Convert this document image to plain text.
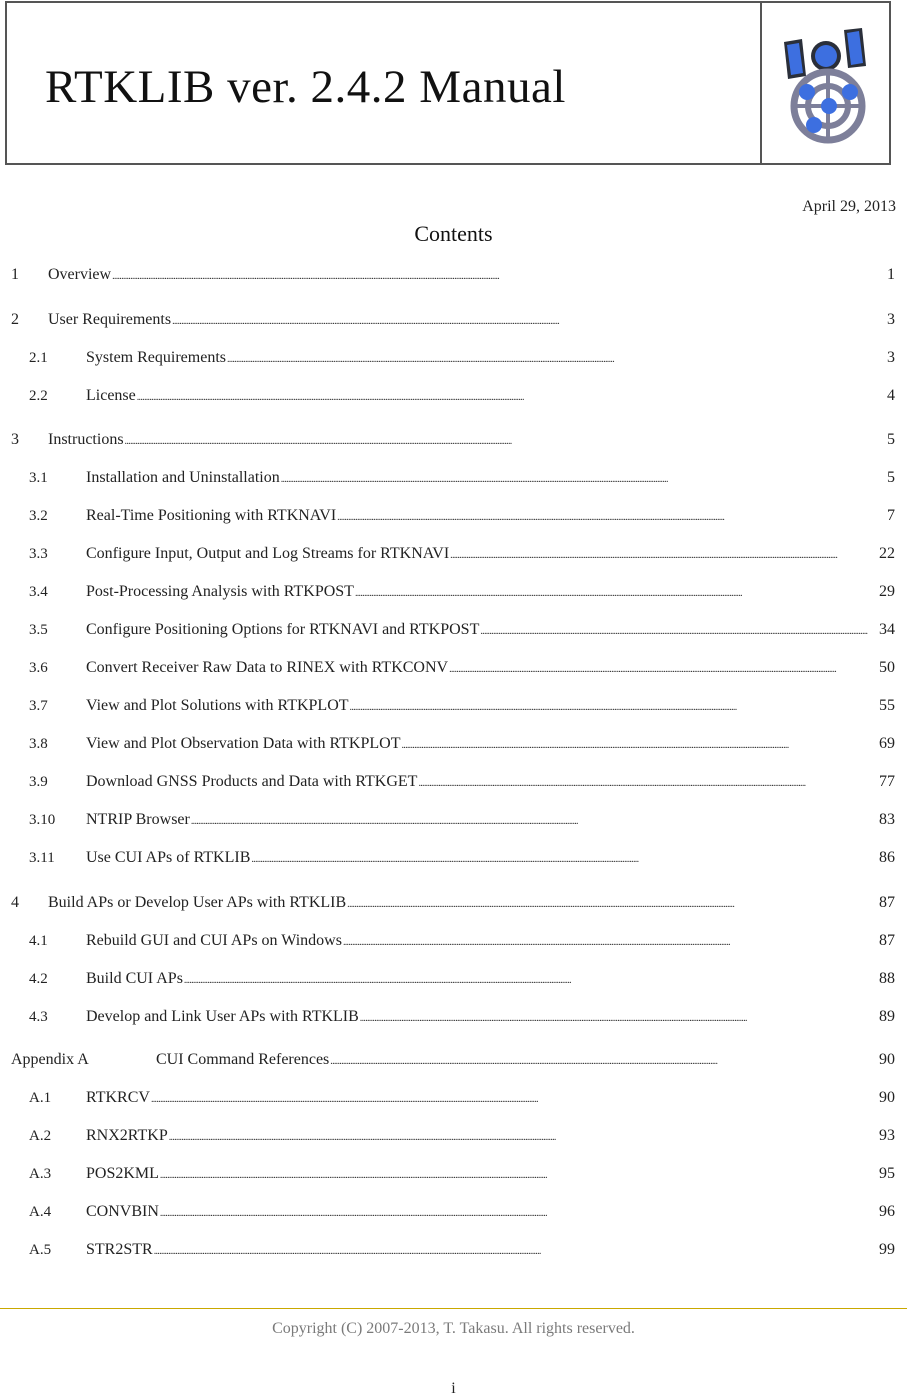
RTKLIB ver. 2.4.2 Manual
April 29, 2013
Contents
1 Overview . . .	1
2 User Requirements . . .	3
2.1 System Requirements . . .	3
2.2 License . . .	4
3 Instructions . . .	5
3.1 Installation and Uninstallation . . .	5
3.2 Real-Time Positioning with RTKNAVI . . .	7
3.3 Configure Input, Output and Log Streams for RTKNAVI . . .	22
3.4 Post-Processing Analysis with RTKPOST . . .	29
3.5 Configure Positioning Options for RTKNAVI and RTKPOST . . .	34
3.6 Convert Receiver Raw Data to RINEX with RTKCONV . . .	50
3.7 View and Plot Solutions with RTKPLOT . . .	55
3.8 View and Plot Observation Data with RTKPLOT . . .	69
3.9 Download GNSS Products and Data with RTKGET . . .	77
3.10 NTRIP Browser . . .	83
3.11 Use CUI APs of RTKLIB . . .	86
4 Build APs or Develop User APs with RTKLIB . . .	87
4.1 Rebuild GUI and CUI APs on Windows . . .	87
4.2 Build CUI APs . . .	88
4.3 Develop and Link User APs with RTKLIB . . .	89
Appendix A	CUI Command References . . .	90
A.1 RTKRCV . . .	90
A.2 RNX2RTKP . . .	93
A.3 POS2KML . . .	95
A.4 CONVBIN . . .	96
A.5 STR2STR . . .	99
Copyright (C) 2007-2013, T. Takasu. All rights reserved.
i
